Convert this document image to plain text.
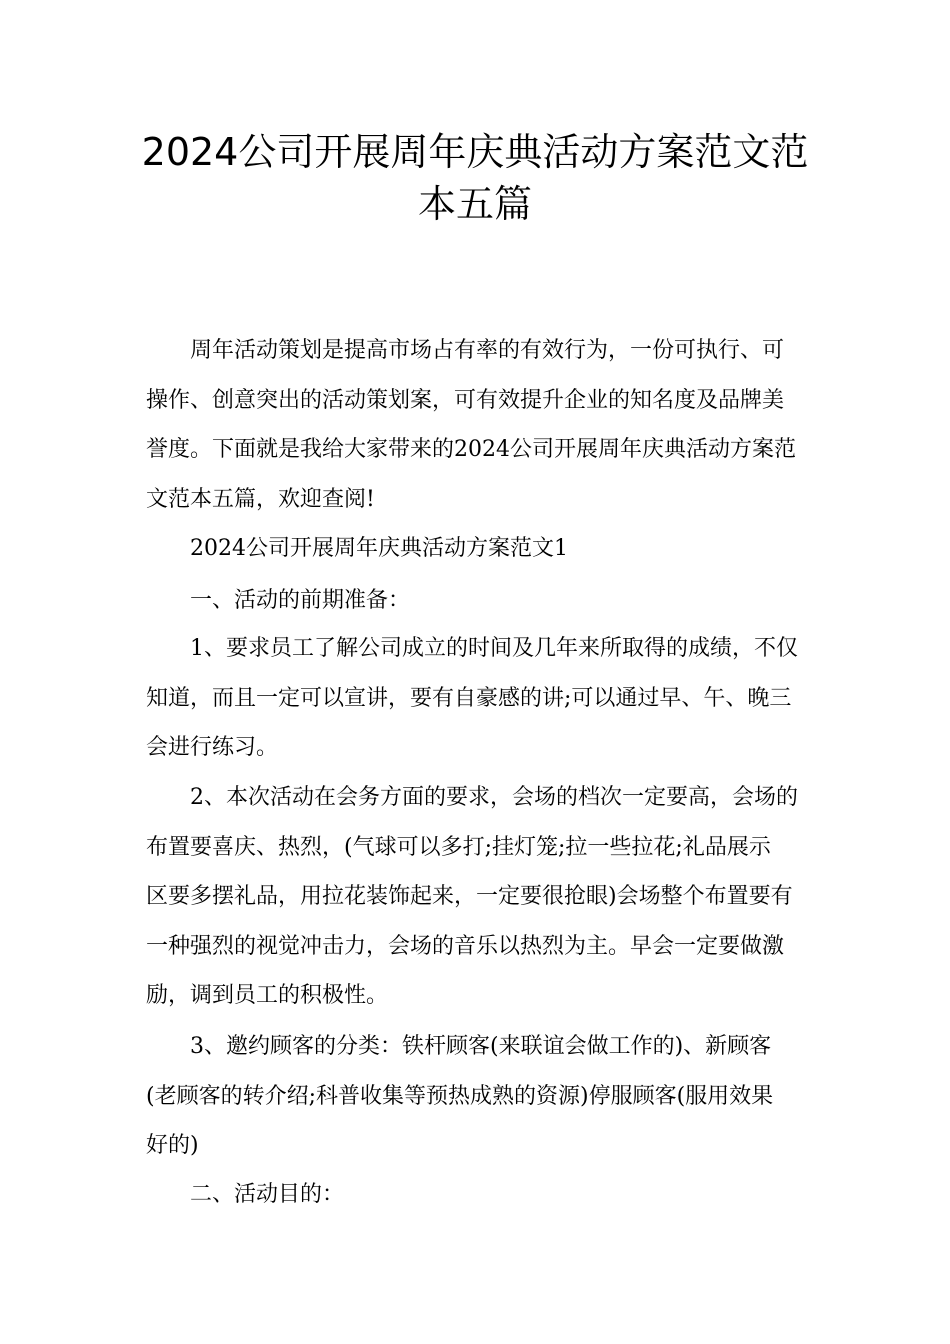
2024公司开展周年庆典活动方案范文范
本五篇

周年活动策划是提高市场占有率的有效行为，一份可执行、可
操作、创意突出的活动策划案，可有效提升企业的知名度及品牌美
誉度。下面就是我给大家带来的2024公司开展周年庆典活动方案范
文范本五篇，欢迎查阅!

2024公司开展周年庆典活动方案范文1

一、活动的前期准备：

1、要求员工了解公司成立的时间及几年来所取得的成绩，不仅
知道，而且一定可以宣讲，要有自豪感的讲;可以通过早、午、晚三
会进行练习。

2、本次活动在会务方面的要求，会场的档次一定要高，会场的
布置要喜庆、热烈，(气球可以多打;挂灯笼;拉一些拉花;礼品展示
区要多摆礼品，用拉花装饰起来，一定要很抢眼)会场整个布置要有
一种强烈的视觉冲击力，会场的音乐以热烈为主。早会一定要做激
励，调到员工的积极性。

3、邀约顾客的分类：铁杆顾客(来联谊会做工作的)、新顾客
(老顾客的转介绍;科普收集等预热成熟的资源)停服顾客(服用效果
好的)

二、活动目的：
